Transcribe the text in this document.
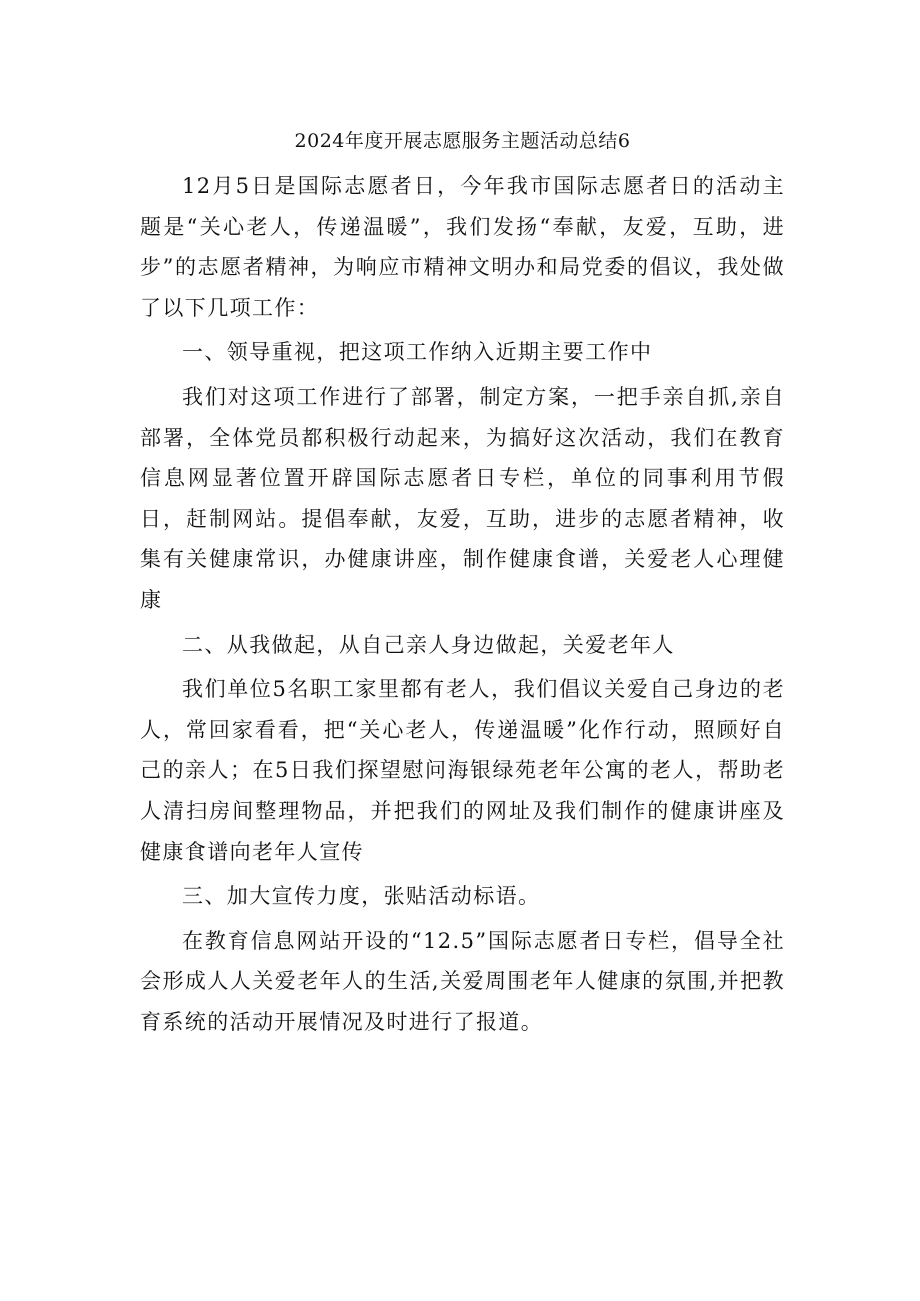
2024年度开展志愿服务主题活动总结6

12月5日是国际志愿者日，今年我市国际志愿者日的活动主题是“关心老人，传递温暖”，我们发扬“奉献，友爱，互助，进步”的志愿者精神，为响应市精神文明办和局党委的倡议，我处做了以下几项工作：

一、领导重视，把这项工作纳入近期主要工作中

我们对这项工作进行了部署，制定方案，一把手亲自抓,亲自部署，全体党员都积极行动起来，为搞好这次活动，我们在教育信息网显著位置开辟国际志愿者日专栏，单位的同事利用节假日，赶制网站。提倡奉献，友爱，互助，进步的志愿者精神，收集有关健康常识，办健康讲座，制作健康食谱，关爱老人心理健康

二、从我做起，从自己亲人身边做起，关爱老年人

我们单位5名职工家里都有老人，我们倡议关爱自己身边的老人，常回家看看，把“关心老人，传递温暖”化作行动，照顾好自己的亲人；在5日我们探望慰问海银绿苑老年公寓的老人，帮助老人清扫房间整理物品，并把我们的网址及我们制作的健康讲座及健康食谱向老年人宣传

三、加大宣传力度，张贴活动标语。

在教育信息网站开设的“12.5”国际志愿者日专栏，倡导全社会形成人人关爱老年人的生活,关爱周围老年人健康的氛围,并把教育系统的活动开展情况及时进行了报道。
